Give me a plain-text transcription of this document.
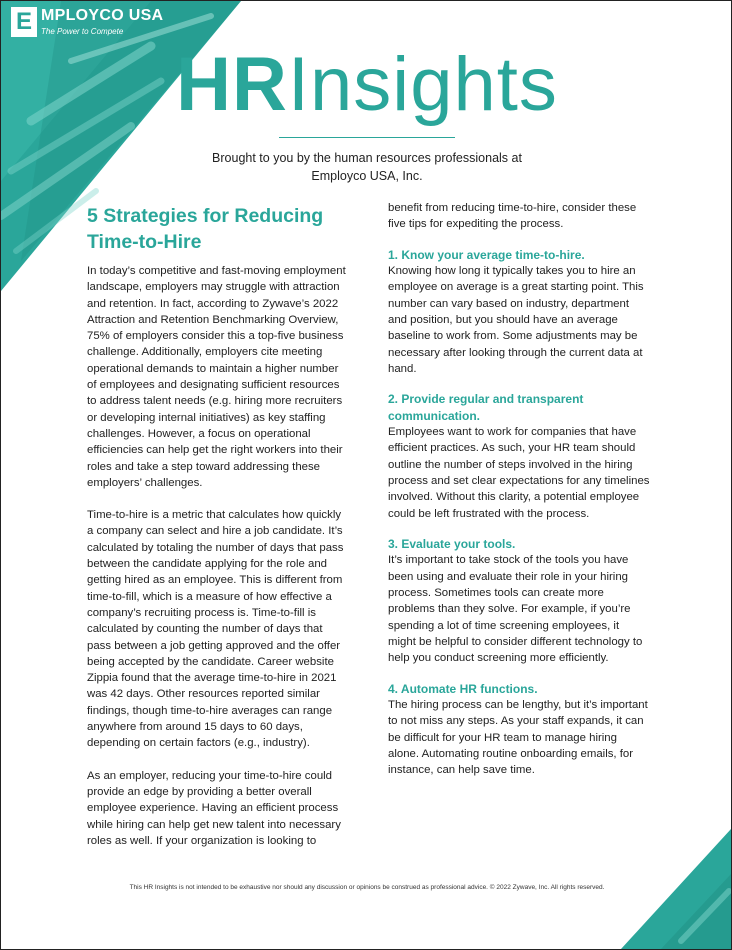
E MPLOYCO USA
The Power to Compete
HRInsights
Brought to you by the human resources professionals at
Employco USA, Inc.
5 Strategies for Reducing Time-to-Hire

In today’s competitive and fast-moving employment landscape, employers may struggle with attraction and retention. In fact, according to Zywave’s 2022 Attraction and Retention Benchmarking Overview, 75% of employers consider this a top-five business challenge. Additionally, employers cite meeting operational demands to maintain a higher number of employees and designating sufficient resources to address talent needs (e.g. hiring more recruiters or developing internal initiatives) as key staffing challenges. However, a focus on operational efficiencies can help get the right workers into their roles and take a step toward addressing these employers’ challenges.

Time-to-hire is a metric that calculates how quickly a company can select and hire a job candidate. It’s calculated by totaling the number of days that pass between the candidate applying for the role and getting hired as an employee. This is different from time-to-fill, which is a measure of how effective a company’s recruiting process is. Time-to-fill is calculated by counting the number of days that pass between a job getting approved and the offer being accepted by the candidate. Career website Zippia found that the average time-to-hire in 2021 was 42 days. Other resources reported similar findings, though time-to-hire averages can range anywhere from around 15 days to 60 days, depending on certain factors (e.g., industry).

As an employer, reducing your time-to-hire could provide an edge by providing a better overall employee experience. Having an efficient process while hiring can help get new talent into necessary roles as well. If your organization is looking to

benefit from reducing time-to-hire, consider these five tips for expediting the process.

1. Know your average time-to-hire.

Knowing how long it typically takes you to hire an employee on average is a great starting point. This number can vary based on industry, department and position, but you should have an average baseline to work from. Some adjustments may be necessary after looking through the current data at hand.

2. Provide regular and transparent communication.

Employees want to work for companies that have efficient practices. As such, your HR team should outline the number of steps involved in the hiring process and set clear expectations for any timelines involved. Without this clarity, a potential employee could be left frustrated with the process.

3. Evaluate your tools.

It’s important to take stock of the tools you have been using and evaluate their role in your hiring process. Sometimes tools can create more problems than they solve. For example, if you’re spending a lot of time screening employees, it might be helpful to consider different technology to help you conduct screening more efficiently.

4. Automate HR functions.

The hiring process can be lengthy, but it’s important to not miss any steps. As your staff expands, it can be difficult for your HR team to manage hiring alone. Automating routine onboarding emails, for instance, can help save time.

This HR Insights is not intended to be exhaustive nor should any discussion or opinions be construed as professional advice. © 2022 Zywave, Inc. All rights reserved.
